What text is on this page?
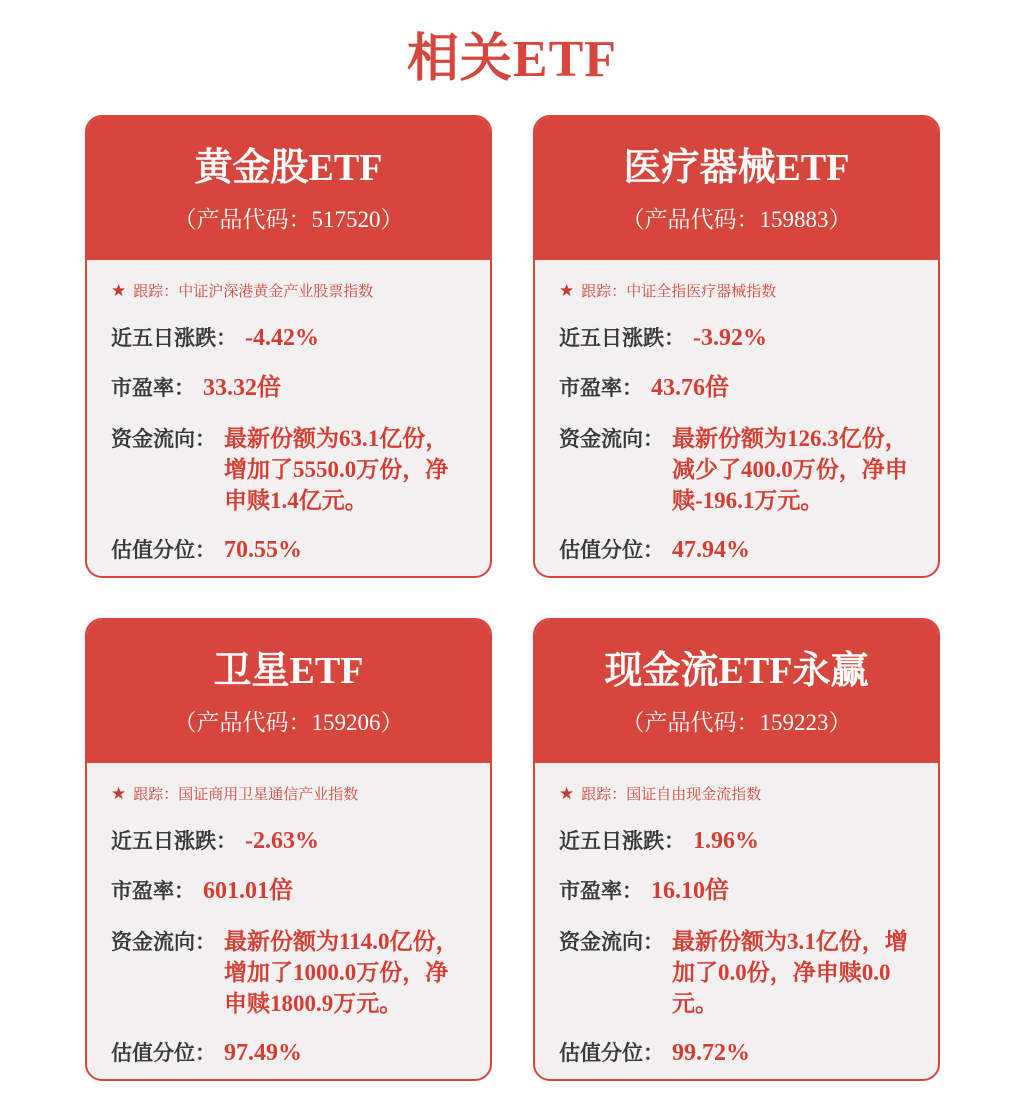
相关ETF
黄金股ETF
（产品代码：517520）
★ 跟踪：中证沪深港黄金产业股票指数
近五日涨跌： -4.42%
市盈率： 33.32倍
资金流向： 最新份额为63.1亿份，增加了5550.0万份，净申赎1.4亿元。
估值分位： 70.55%
医疗器械ETF
（产品代码：159883）
★ 跟踪：中证全指医疗器械指数
近五日涨跌： -3.92%
市盈率： 43.76倍
资金流向： 最新份额为126.3亿份，减少了400.0万份，净申赎-196.1万元。
估值分位： 47.94%
卫星ETF
（产品代码：159206）
★ 跟踪：国证商用卫星通信产业指数
近五日涨跌： -2.63%
市盈率： 601.01倍
资金流向： 最新份额为114.0亿份，增加了1000.0万份，净申赎1800.9万元。
估值分位： 97.49%
现金流ETF永赢
（产品代码：159223）
★ 跟踪：国证自由现金流指数
近五日涨跌： 1.96%
市盈率： 16.10倍
资金流向： 最新份额为3.1亿份，增加了0.0份，净申赎0.0元。
估值分位： 99.72%
